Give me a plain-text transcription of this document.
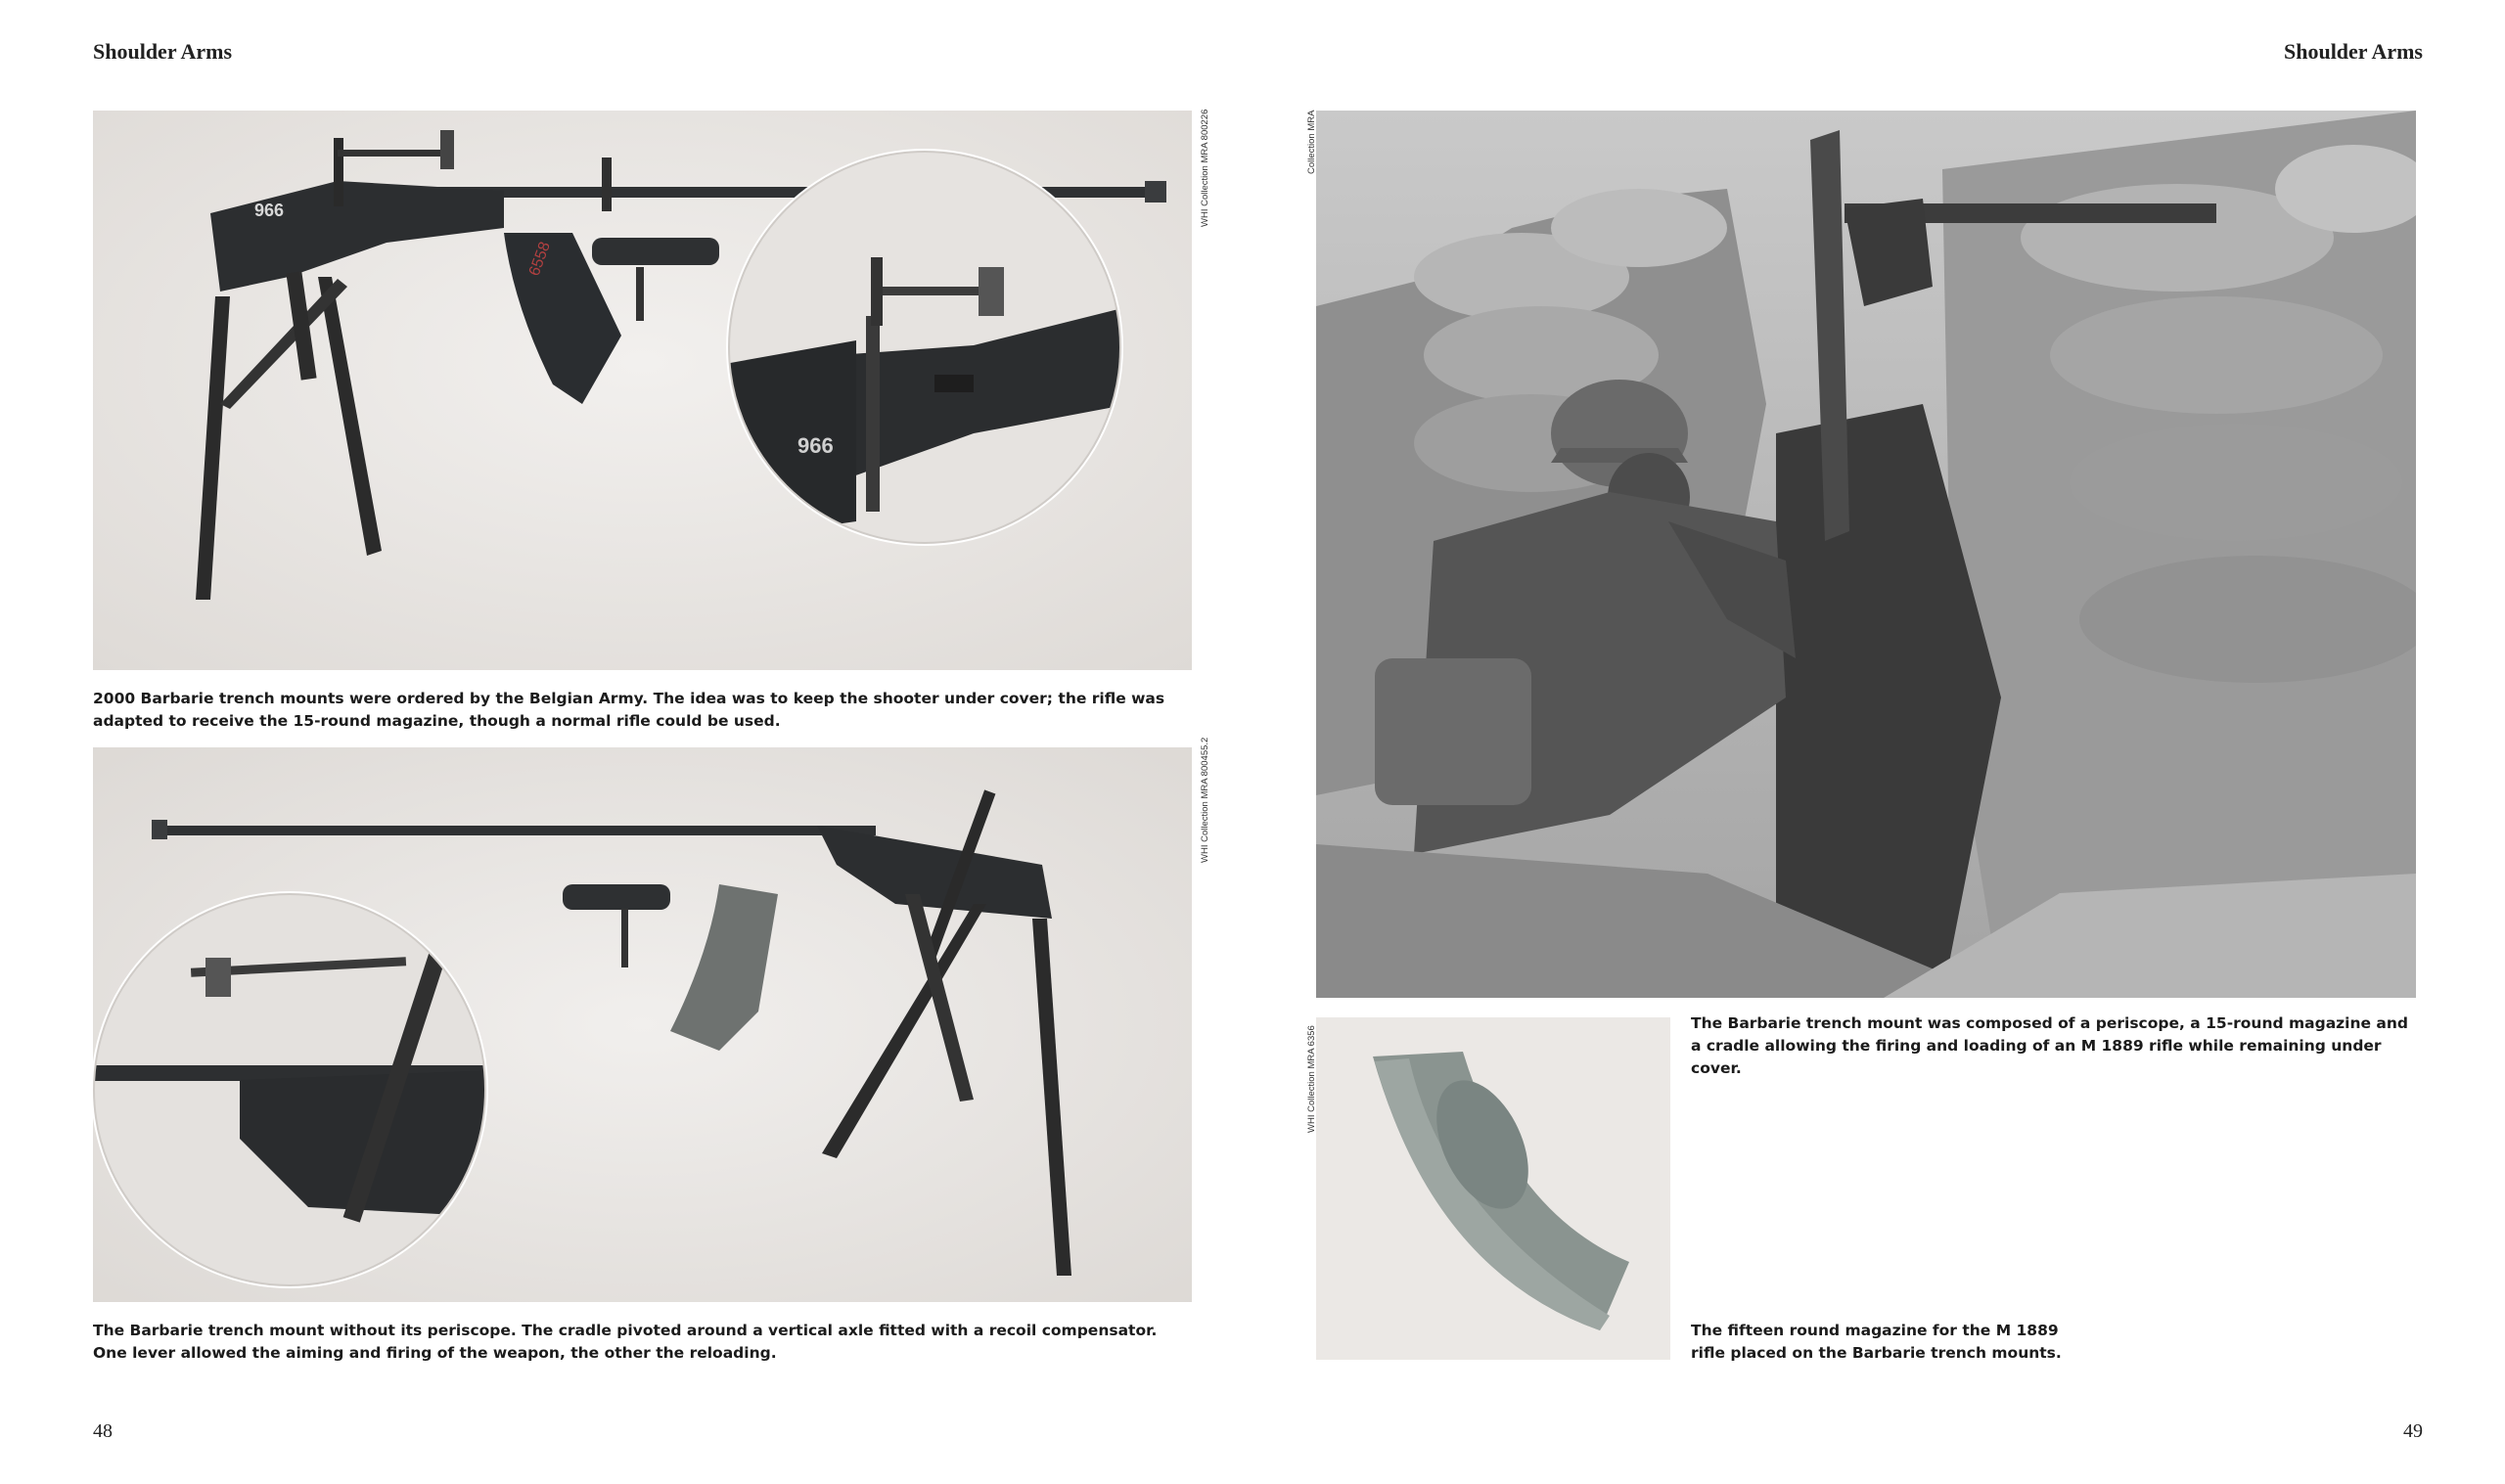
Shoulder Arms
966
966
6558
WHI Collection MRA 800226
2000 Barbarie trench mounts were ordered by the Belgian Army. The idea was to keep the shooter under cover; the rifle was adapted to receive the 15-round magazine, though a normal rifle could be used.
WHI Collection MRA 800455.2
The Barbarie trench mount without its periscope. The cradle pivoted around a vertical axle fitted with a recoil compensator. One lever allowed the aiming and firing of the weapon, the other the reloading.
48
Shoulder Arms
Collection MRA
WHI Collection MRA 6356
The Barbarie trench mount was composed of a periscope, a 15-round magazine and a cradle allowing the firing and loading of an M 1889 rifle while remaining under cover.
The fifteen round magazine for the M 1889 rifle placed on the Barbarie trench mounts.
49
